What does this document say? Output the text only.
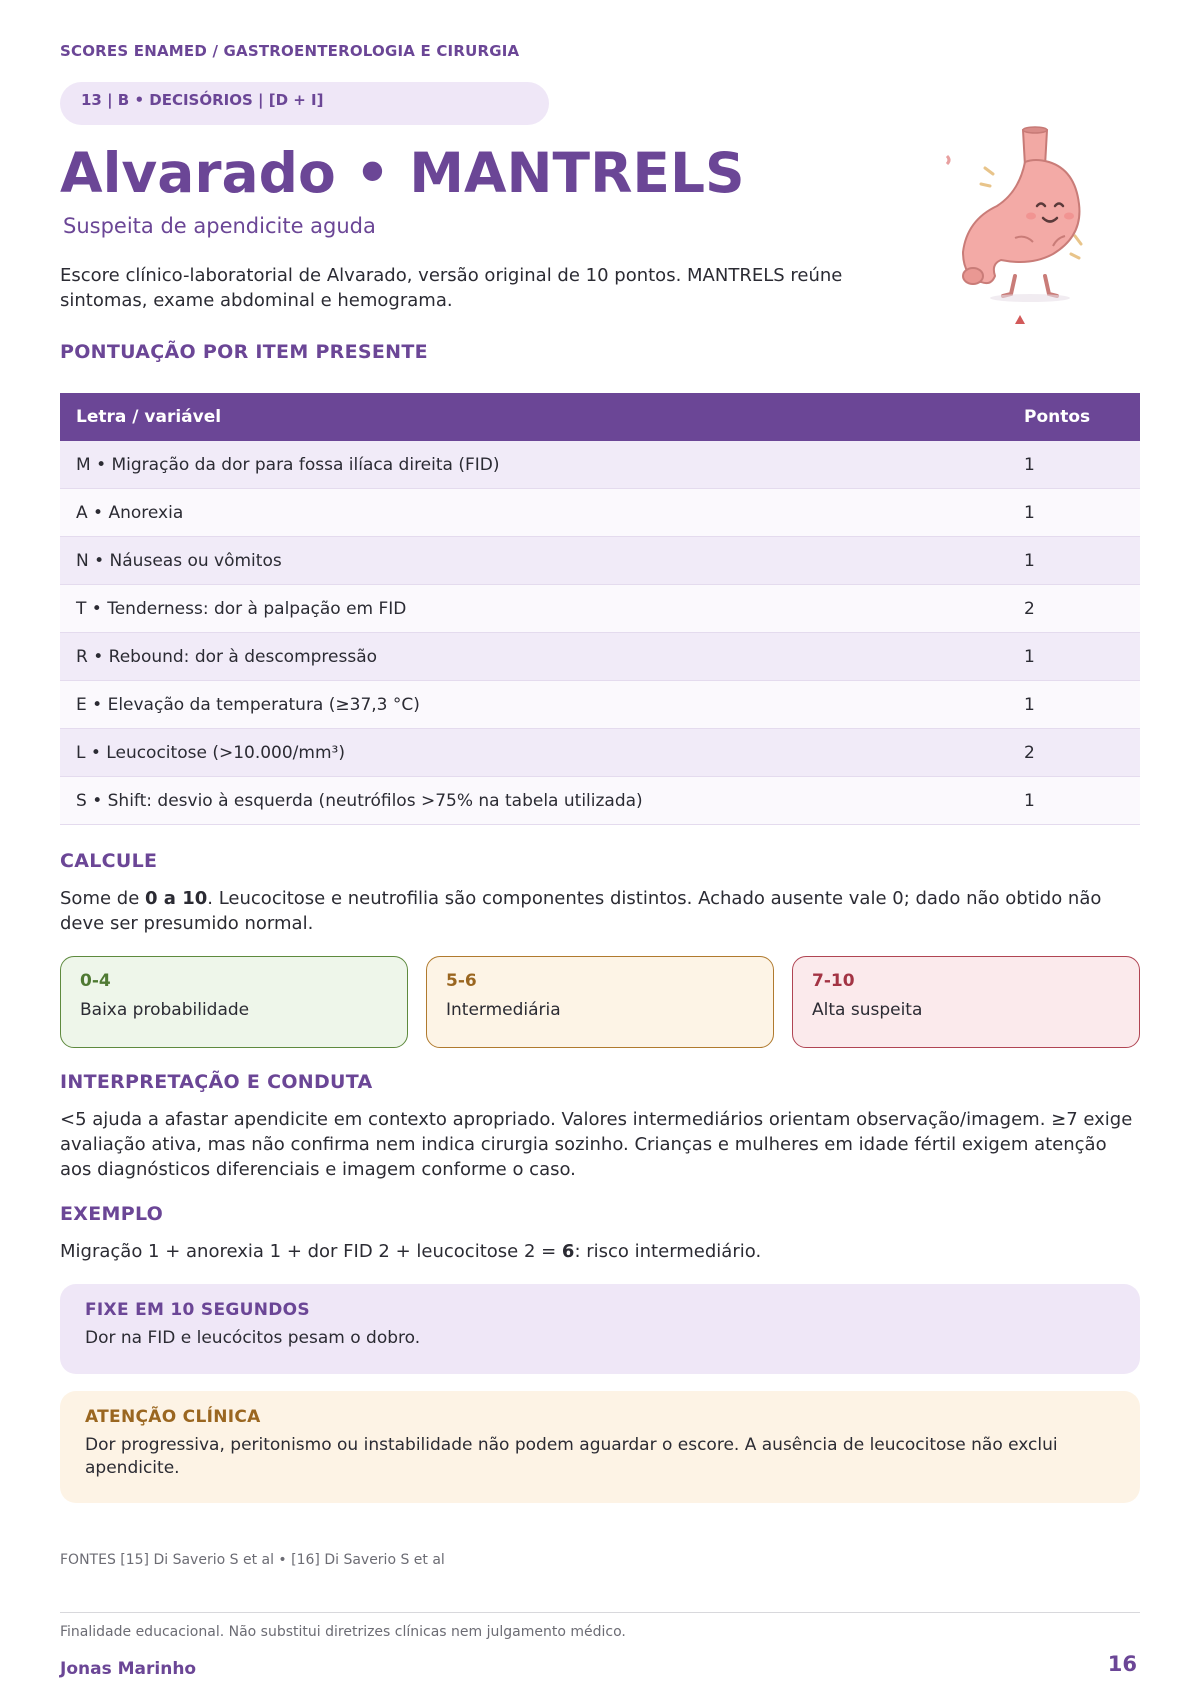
SCORES ENAMED / GASTROENTEROLOGIA E CIRURGIA
13 | B • DECISÓRIOS | [D + I]
Alvarado • MANTRELS
Suspeita de apendicite aguda
Escore clínico-laboratorial de Alvarado, versão original de 10 pontos. MANTRELS reúne sintomas, exame abdominal e hemograma.
PONTUAÇÃO POR ITEM PRESENTE
Letra / variável	Pontos
M • Migração da dor para fossa ilíaca direita (FID)	1
A • Anorexia	1
N • Náuseas ou vômitos	1
T • Tenderness: dor à palpação em FID	2
R • Rebound: dor à descompressão	1
E • Elevação da temperatura (≥37,3 °C)	1
L • Leucocitose (>10.000/mm³)	2
S • Shift: desvio à esquerda (neutrófilos >75% na tabela utilizada)	1
CALCULE
Some de 0 a 10. Leucocitose e neutrofilia são componentes distintos. Achado ausente vale 0; dado não obtido não deve ser presumido normal.
0-4
Baixa probabilidade
5-6
Intermediária
7-10
Alta suspeita
INTERPRETAÇÃO E CONDUTA
<5 ajuda a afastar apendicite em contexto apropriado. Valores intermediários orientam observação/imagem. ≥7 exige avaliação ativa, mas não confirma nem indica cirurgia sozinho. Crianças e mulheres em idade fértil exigem atenção aos diagnósticos diferenciais e imagem conforme o caso.
EXEMPLO
Migração 1 + anorexia 1 + dor FID 2 + leucocitose 2 = 6: risco intermediário.
FIXE EM 10 SEGUNDOS
Dor na FID e leucócitos pesam o dobro.
ATENÇÃO CLÍNICA
Dor progressiva, peritonismo ou instabilidade não podem aguardar o escore. A ausência de leucocitose não exclui apendicite.
FONTES [15] Di Saverio S et al • [16] Di Saverio S et al
Finalidade educacional. Não substitui diretrizes clínicas nem julgamento médico.
Jonas Marinho	16
